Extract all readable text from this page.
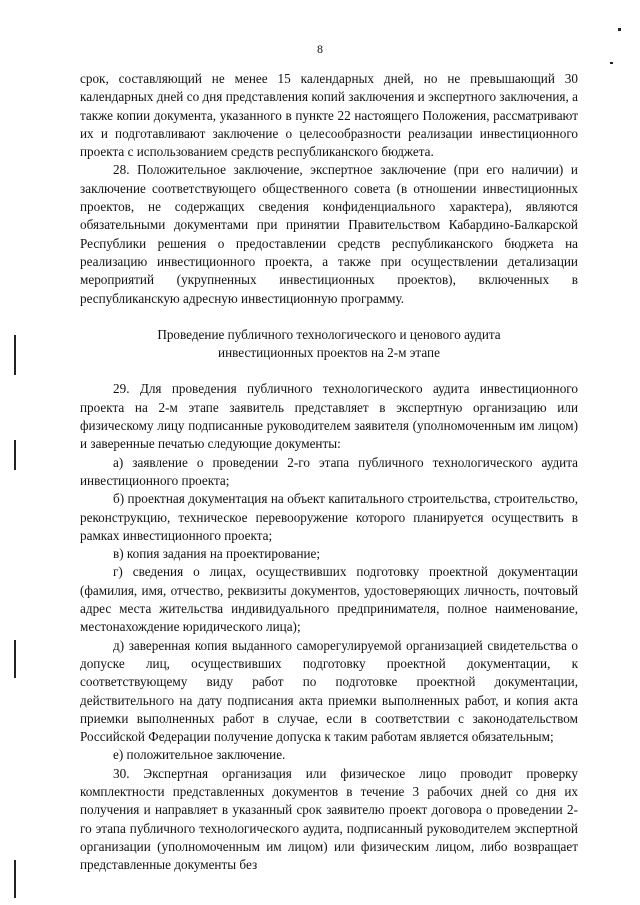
8

срок, составляющий не менее 15 календарных дней, но не превышающий 30 календарных дней со дня представления копий заключения и экспертного заключения, а также копии документа, указанного в пункте 22 настоящего Положения, рассматривают их и подготавливают заключение о целесообразности реализации инвестиционного проекта с использованием средств республиканского бюджета.

28. Положительное заключение, экспертное заключение (при его наличии) и заключение соответствующего общественного совета (в отношении инвестиционных проектов, не содержащих сведения конфиденциального характера), являются обязательными документами при принятии Правительством Кабардино-Балкарской Республики решения о предоставлении средств республиканского бюджета на реализацию инвестиционного проекта, а также при осуществлении детализации мероприятий (укрупненных инвестиционных проектов), включенных в республиканскую адресную инвестиционную программу.

Проведение публичного технологического и ценового аудита
инвестиционных проектов на 2-м этапе

29. Для проведения публичного технологического аудита инвестиционного проекта на 2-м этапе заявитель представляет в экспертную организацию или физическому лицу подписанные руководителем заявителя (уполномоченным им лицом) и заверенные печатью следующие документы:

а) заявление о проведении 2-го этапа публичного технологического аудита инвестиционного проекта;

б) проектная документация на объект капитального строительства, строительство, реконструкцию, техническое перевооружение которого планируется осуществить в рамках инвестиционного проекта;

в) копия задания на проектирование;

г) сведения о лицах, осуществивших подготовку проектной документации (фамилия, имя, отчество, реквизиты документов, удостоверяющих личность, почтовый адрес места жительства индивидуального предпринимателя, полное наименование, местонахождение юридического лица);

д) заверенная копия выданного саморегулируемой организацией свидетельства о допуске лиц, осуществивших подготовку проектной документации, к соответствующему виду работ по подготовке проектной документации, действительного на дату подписания акта приемки выполненных работ, и копия акта приемки выполненных работ в случае, если в соответствии с законодательством Российской Федерации получение допуска к таким работам является обязательным;

е) положительное заключение.

30. Экспертная организация или физическое лицо проводит проверку комплектности представленных документов в течение 3 рабочих дней со дня их получения и направляет в указанный срок заявителю проект договора о проведении 2-го этапа публичного технологического аудита, подписанный руководителем экспертной организации (уполномоченным им лицом) или физическим лицом, либо возвращает представленные документы без
